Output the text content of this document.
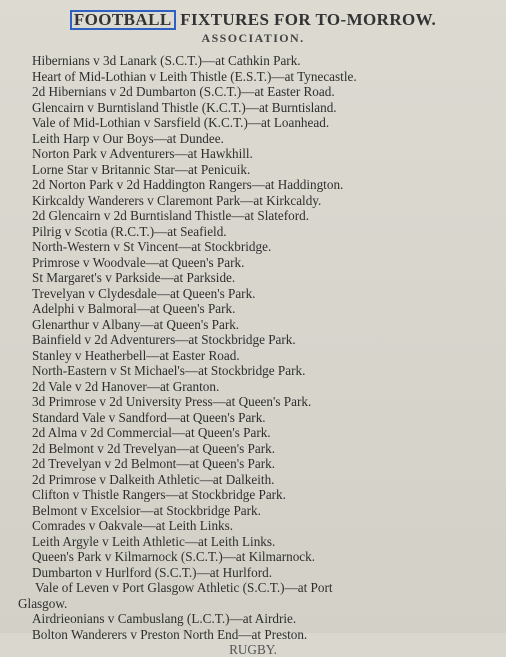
FOOTBALL FIXTURES FOR TO-MORROW.
ASSOCIATION.
Hibernians v 3d Lanark (S.C.T.)—at Cathkin Park.
Heart of Mid-Lothian v Leith Thistle (E.S.T.)—at Tynecastle.
2d Hibernians v 2d Dumbarton (S.C.T.)—at Easter Road.
Glencairn v Burntisland Thistle (K.C.T.)—at Burntisland.
Vale of Mid-Lothian v Sarsfield (K.C.T.)—at Loanhead.
Leith Harp v Our Boys—at Dundee.
Norton Park v Adventurers—at Hawkhill.
Lorne Star v Britannic Star—at Penicuik.
2d Norton Park v 2d Haddington Rangers—at Haddington.
Kirkcaldy Wanderers v Claremont Park—at Kirkcaldy.
2d Glencairn v 2d Burntisland Thistle—at Slateford.
Pilrig v Scotia (R.C.T.)—at Seafield.
North-Western v St Vincent—at Stockbridge.
Primrose v Woodvale—at Queen's Park.
St Margaret's v Parkside—at Parkside.
Trevelyan v Clydesdale—at Queen's Park.
Adelphi v Balmoral—at Queen's Park.
Glenarthur v Albany—at Queen's Park.
Bainfield v 2d Adventurers—at Stockbridge Park.
Stanley v Heatherbell—at Easter Road.
North-Eastern v St Michael's—at Stockbridge Park.
2d Vale v 2d Hanover—at Granton.
3d Primrose v 2d University Press—at Queen's Park.
Standard Vale v Sandford—at Queen's Park.
2d Alma v 2d Commercial—at Queen's Park.
2d Belmont v 2d Trevelyan—at Queen's Park.
2d Trevelyan v 2d Belmont—at Queen's Park.
2d Primrose v Dalkeith Athletic—at Dalkeith.
Clifton v Thistle Rangers—at Stockbridge Park.
Belmont v Excelsior—at Stockbridge Park.
Comrades v Oakvale—at Leith Links.
Leith Argyle v Leith Athletic—at Leith Links.
Queen's Park v Kilmarnock (S.C.T.)—at Kilmarnock.
Dumbarton v Hurlford (S.C.T.)—at Hurlford.
Vale of Leven v Port Glasgow Athletic (S.C.T.)—at Port
Glasgow.
Airdrieonians v Cambuslang (L.C.T.)—at Airdrie.
Bolton Wanderers v Preston North End—at Preston.
RUGBY.
